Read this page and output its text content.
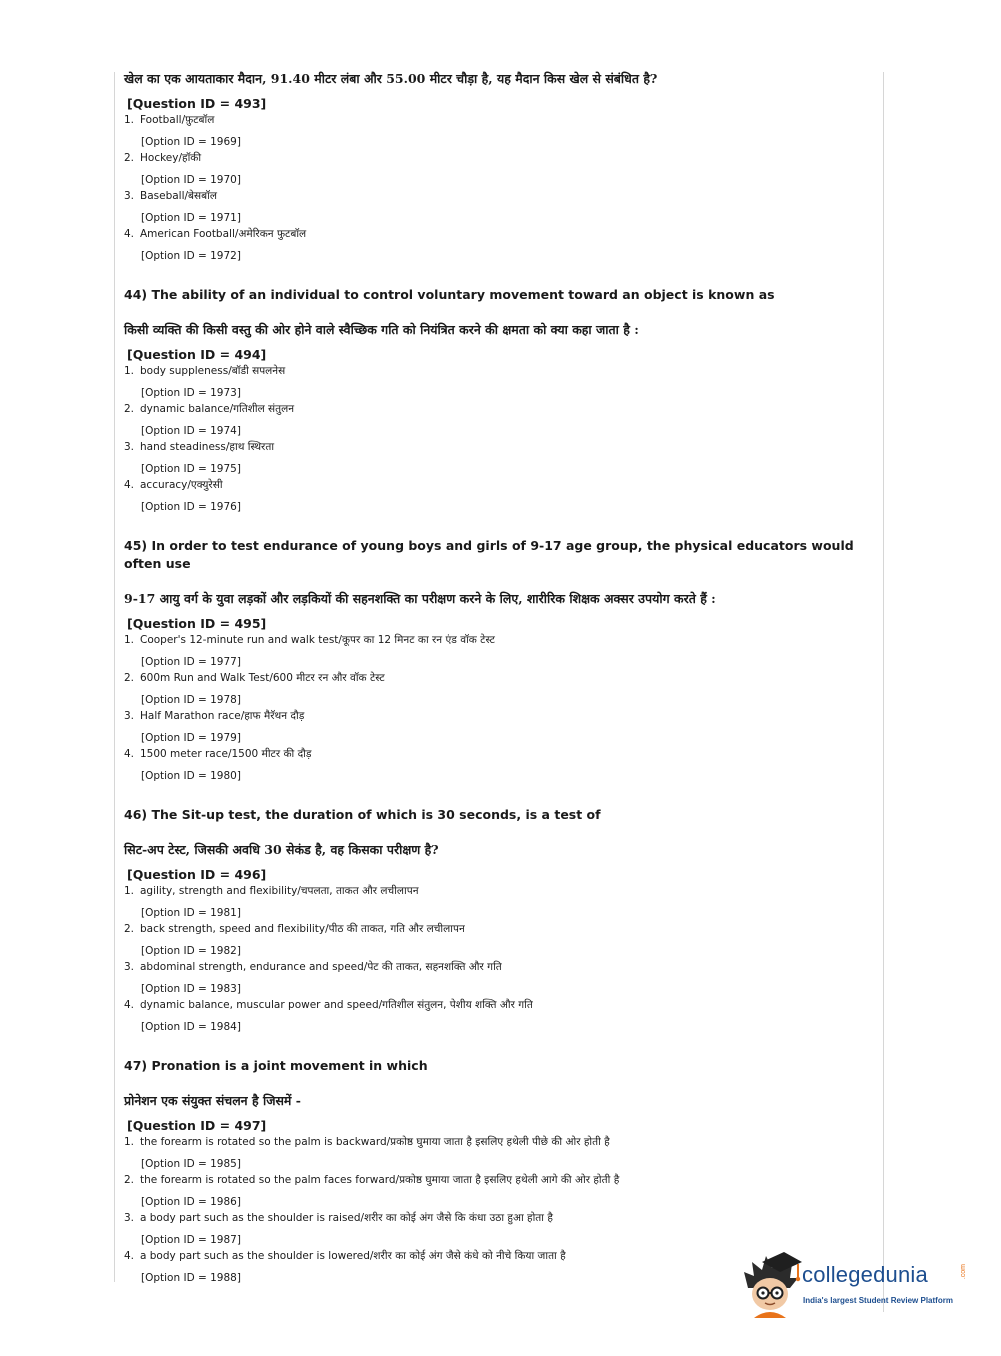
खेल का एक आयताकार मैदान, 91.40 मीटर लंबा और 55.00 मीटर चौड़ा है, यह मैदान किस खेल से संबंधित है?

[Question ID = 493]

1. Football/फ़ुटबॉल

[Option ID = 1969]

2. Hockey/हॉकी

[Option ID = 1970]

3. Baseball/बेसबॉल

[Option ID = 1971]

4. American Football/अमेरिकन फुटबॉल

[Option ID = 1972]

44) The ability of an individual to control voluntary movement toward an object is known as

किसी व्यक्ति की किसी वस्तु की ओर होने वाले स्वैच्छिक गति को नियंत्रित करने की क्षमता को क्या कहा जाता है :

[Question ID = 494]

1. body suppleness/बॉडी सपलनेस

[Option ID = 1973]

2. dynamic balance/गतिशील संतुलन

[Option ID = 1974]

3. hand steadiness/हाथ स्थिरता

[Option ID = 1975]

4. accuracy/एक्युरेसी

[Option ID = 1976]

45) In order to test endurance of young boys and girls of 9-17 age group, the physical educators would often use

9-17 आयु वर्ग के युवा लड़कों और लड़कियों की सहनशक्ति का परीक्षण करने के लिए, शारीरिक शिक्षक अक्सर उपयोग करते हैं :

[Question ID = 495]

1. Cooper's 12-minute run and walk test/कूपर का 12 मिनट का रन एंड वॉक टेस्ट

[Option ID = 1977]

2. 600m Run and Walk Test/600 मीटर रन और वॉक टेस्ट

[Option ID = 1978]

3. Half Marathon race/हाफ मैरॅथन दौड़

[Option ID = 1979]

4. 1500 meter race/1500 मीटर की दौड़

[Option ID = 1980]

46) The Sit-up test, the duration of which is 30 seconds, is a test of

सिट-अप टेस्ट, जिसकी अवधि 30 सेकंड है, वह किसका परीक्षण है?

[Question ID = 496]

1. agility, strength and flexibility/चपलता, ताकत और लचीलापन

[Option ID = 1981]

2. back strength, speed and flexibility/पीठ की ताकत, गति और लचीलापन

[Option ID = 1982]

3. abdominal strength, endurance and speed/पेट की ताकत, सहनशक्ति और गति

[Option ID = 1983]

4. dynamic balance, muscular power and speed/गतिशील संतुलन, पेशीय शक्ति और गति

[Option ID = 1984]

47) Pronation is a joint movement in which

प्रोनेशन एक संयुक्त संचलन है जिसमें -

[Question ID = 497]

1. the forearm is rotated so the palm is backward/प्रकोष्ठ घुमाया जाता है इसलिए हथेली पीछे की ओर होती है

[Option ID = 1985]

2. the forearm is rotated so the palm faces forward/प्रकोष्ठ घुमाया जाता है इसलिए हथेली आगे की ओर होती है

[Option ID = 1986]

3. a body part such as the shoulder is raised/शरीर का कोई अंग जैसे कि कंधा उठा हुआ होता है

[Option ID = 1987]

4. a body part such as the shoulder is lowered/शरीर का कोई अंग जैसे कंधे को नीचे किया जाता है

[Option ID = 1988]	collegedunia	.com
India's largest Student Review Platform
